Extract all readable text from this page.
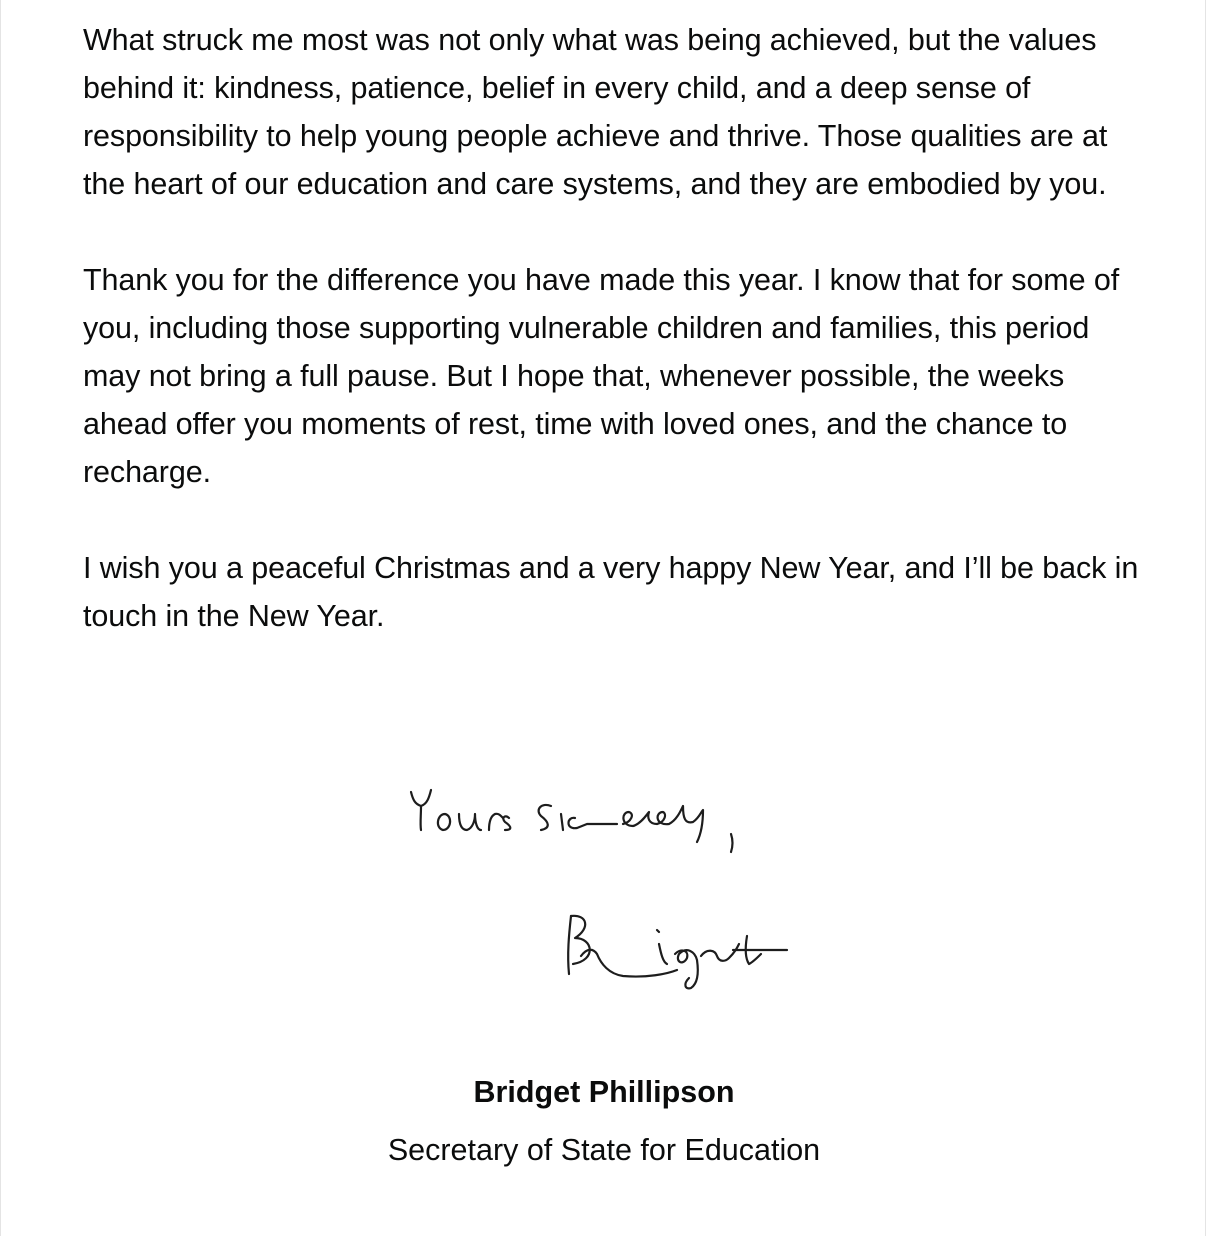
What struck me most was not only what was being achieved, but the values behind it: kindness, patience, belief in every child, and a deep sense of responsibility to help young people achieve and thrive. Those qualities are at the heart of our education and care systems, and they are embodied by you.

Thank you for the difference you have made this year. I know that for some of you, including those supporting vulnerable children and families, this period may not bring a full pause. But I hope that, whenever possible, the weeks ahead offer you moments of rest, time with loved ones, and the chance to recharge.

I wish you a peaceful Christmas and a very happy New Year, and I’ll be back in touch in the New Year.

Bridget Phillipson

Secretary of State for Education
